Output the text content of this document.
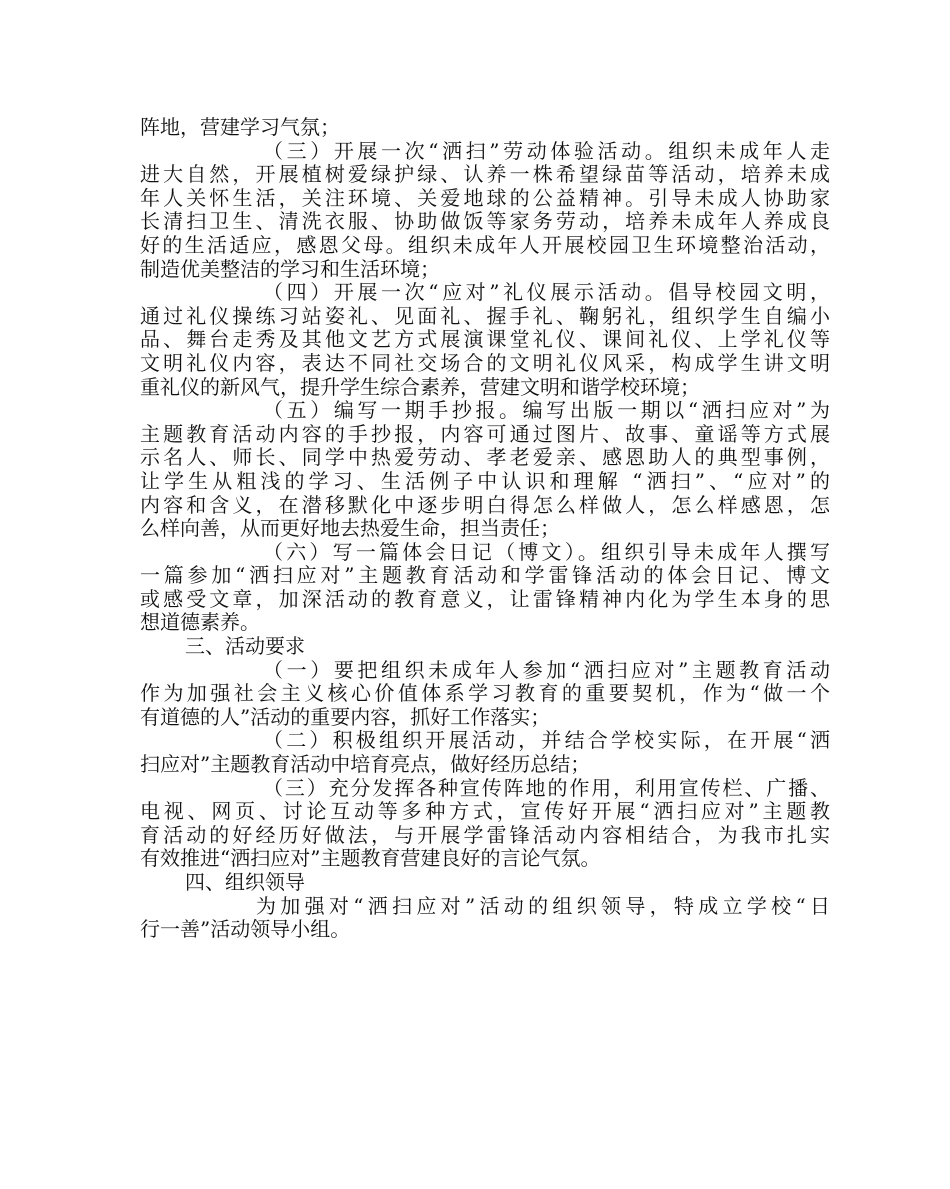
阵地，营建学习气氛；
（三）开展一次“洒扫”劳动体验活动。组织未成年人走
进大自然，开展植树爱绿护绿、认养一株希望绿苗等活动，培养未成
年人关怀生活，关注环境、关爱地球的公益精神。引导未成人协助家
长清扫卫生、清洗衣服、协助做饭等家务劳动，培养未成年人养成良
好的生活适应，感恩父母。组织未成年人开展校园卫生环境整治活动，
制造优美整洁的学习和生活环境；
（四）开展一次“应对”礼仪展示活动。倡导校园文明，
通过礼仪操练习站姿礼、见面礼、握手礼、鞠躬礼，组织学生自编小
品、舞台走秀及其他文艺方式展演课堂礼仪、课间礼仪、上学礼仪等
文明礼仪内容，表达不同社交场合的文明礼仪风采，构成学生讲文明
重礼仪的新风气，提升学生综合素养，营建文明和谐学校环境；
（五）编写一期手抄报。编写出版一期以“洒扫应对”为
主题教育活动内容的手抄报，内容可通过图片、故事、童谣等方式展
示名人、师长、同学中热爱劳动、孝老爱亲、感恩助人的典型事例，
让学生从粗浅的学习、生活例子中认识和理解 “洒扫”、“应对”的
内容和含义，在潜移默化中逐步明白得怎么样做人，怎么样感恩，怎
么样向善，从而更好地去热爱生命，担当责任；
（六）写一篇体会日记（博文）。组织引导未成年人撰写
一篇参加“洒扫应对”主题教育活动和学雷锋活动的体会日记、博文
或感受文章，加深活动的教育意义，让雷锋精神内化为学生本身的思
想道德素养。
三、活动要求
（一）要把组织未成年人参加“洒扫应对”主题教育活动
作为加强社会主义核心价值体系学习教育的重要契机，作为“做一个
有道德的人”活动的重要内容，抓好工作落实；
（二）积极组织开展活动，并结合学校实际，在开展“洒
扫应对”主题教育活动中培育亮点，做好经历总结；
（三）充分发挥各种宣传阵地的作用，利用宣传栏、广播、
电视、网页、讨论互动等多种方式，宣传好开展“洒扫应对”主题教
育活动的好经历好做法，与开展学雷锋活动内容相结合，为我市扎实
有效推进“洒扫应对”主题教育营建良好的言论气氛。
四、组织领导
为加强对“洒扫应对”活动的组织领导，特成立学校“日
行一善”活动领导小组。
